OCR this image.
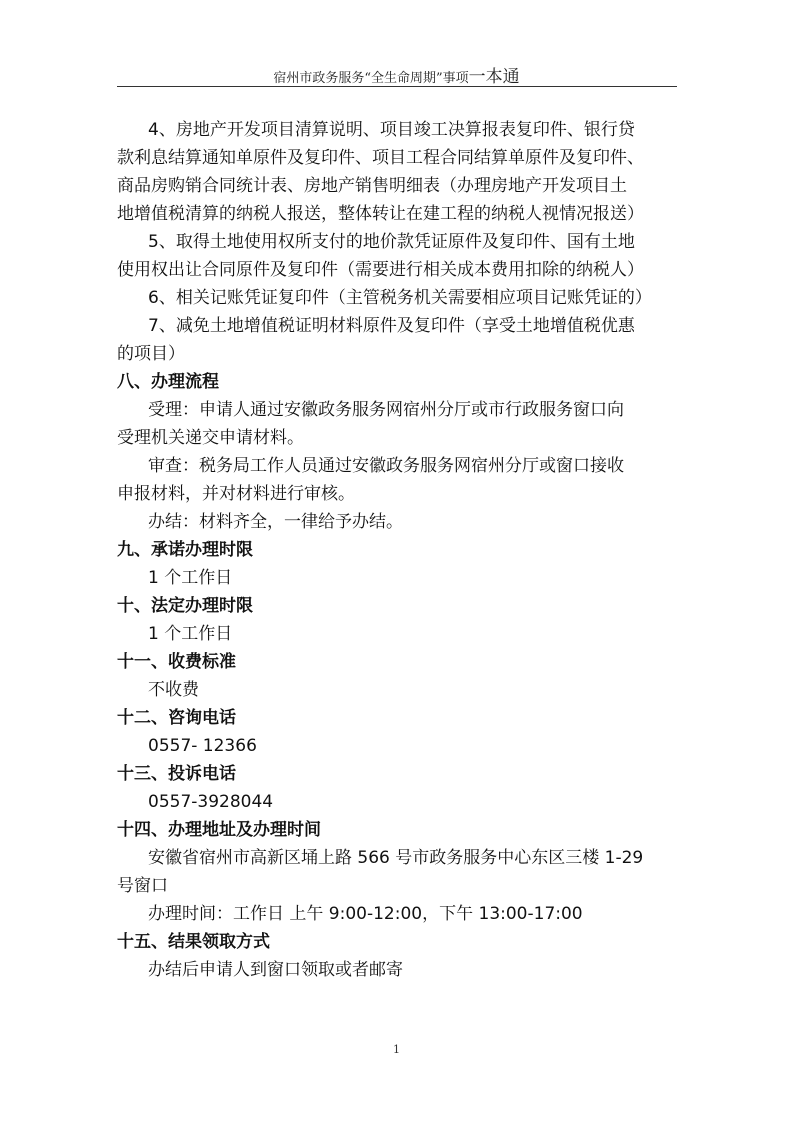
宿州市政务服务“全生命周期”事项一本通
4、房地产开发项目清算说明、项目竣工决算报表复印件、银行贷
款利息结算通知单原件及复印件、项目工程合同结算单原件及复印件、
商品房购销合同统计表、房地产销售明细表（办理房地产开发项目土
地增值税清算的纳税人报送，整体转让在建工程的纳税人视情况报送）
5、取得土地使用权所支付的地价款凭证原件及复印件、国有土地
使用权出让合同原件及复印件（需要进行相关成本费用扣除的纳税人）
6、相关记账凭证复印件（主管税务机关需要相应项目记账凭证的）
7、减免土地增值税证明材料原件及复印件（享受土地增值税优惠
的项目）
八、办理流程
受理：申请人通过安徽政务服务网宿州分厅或市行政服务窗口向
受理机关递交申请材料。
审查：税务局工作人员通过安徽政务服务网宿州分厅或窗口接收
申报材料，并对材料进行审核。
办结：材料齐全，一律给予办结。
九、承诺办理时限
1 个工作日
十、法定办理时限
1 个工作日
十一、收费标准
不收费
十二、咨询电话
0557- 12366
十三、投诉电话
0557-3928044
十四、办理地址及办理时间
安徽省宿州市高新区埇上路 566 号市政务服务中心东区三楼 1-29
号窗口
办理时间：工作日 上午 9:00-12:00，下午 13:00-17:00
十五、结果领取方式
办结后申请人到窗口领取或者邮寄
1
